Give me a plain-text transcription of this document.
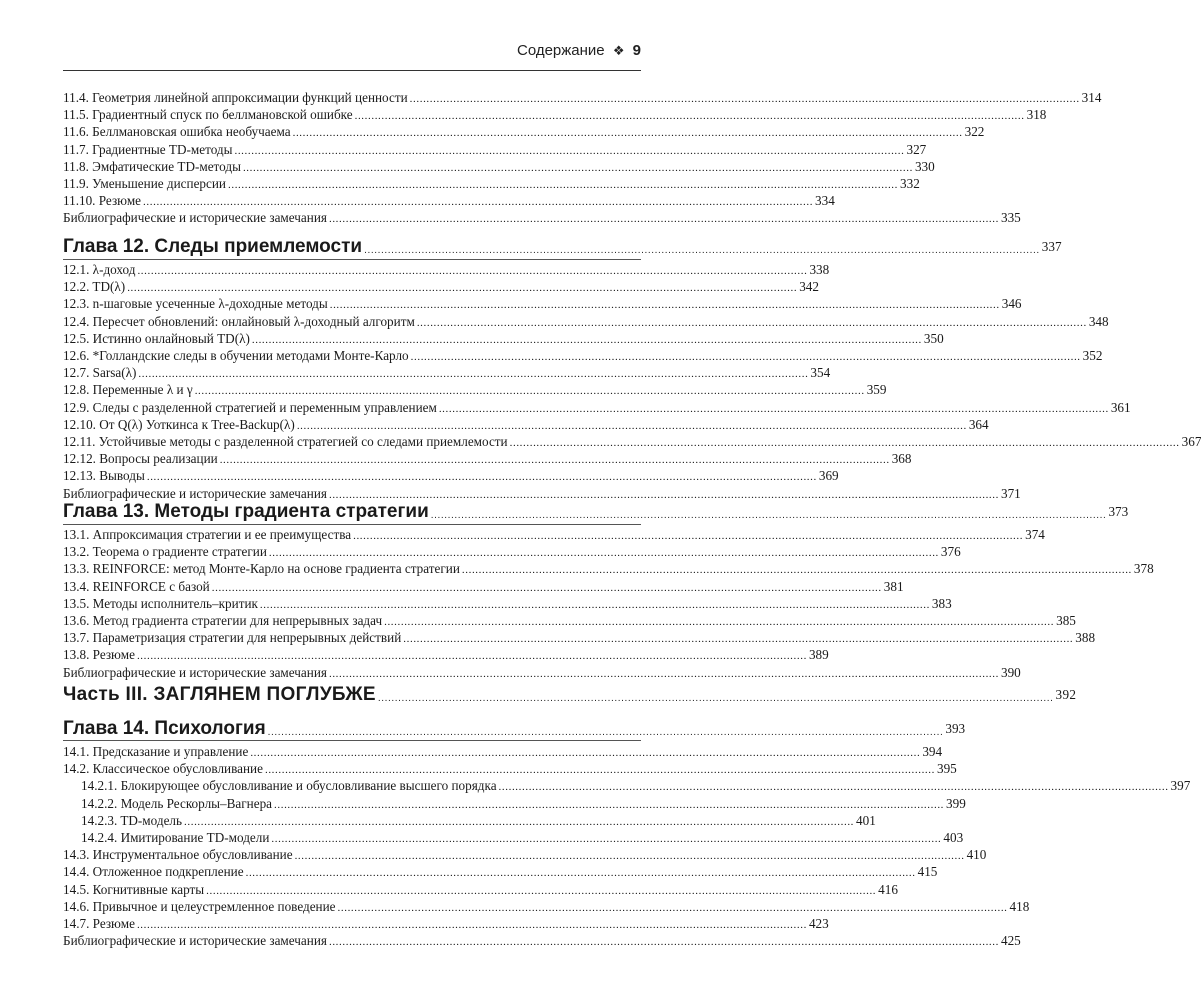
Содержание ❖ 9
11.4. Геометрия линейной аппроксимации функций ценности ........................................................................................................................................................................................................ 314
11.5. Градиентный спуск по беллмановской ошибке ........................................................................................................................................................................................................ 318
11.6. Беллмановская ошибка необучаема ........................................................................................................................................................................................................ 322
11.7. Градиентные TD-методы ........................................................................................................................................................................................................ 327
11.8. Эмфатические TD-методы ........................................................................................................................................................................................................ 330
11.9. Уменьшение дисперсии ........................................................................................................................................................................................................ 332
11.10. Резюме ........................................................................................................................................................................................................ 334
Библиографические и исторические замечания ........................................................................................................................................................................................................ 335
Глава 12. Следы приемлемости ........................................................................................................................................................................................................ 337
12.1. λ-доход ........................................................................................................................................................................................................ 338
12.2. TD(λ) ........................................................................................................................................................................................................ 342
12.3. n-шаговые усеченные λ-доходные методы ........................................................................................................................................................................................................ 346
12.4. Пересчет обновлений: онлайновый λ-доходный алгоритм ........................................................................................................................................................................................................ 348
12.5. Истинно онлайновый TD(λ) ........................................................................................................................................................................................................ 350
12.6. *Голландские следы в обучении методами Монте-Карло ........................................................................................................................................................................................................ 352
12.7. Sarsa(λ) ........................................................................................................................................................................................................ 354
12.8. Переменные λ и γ ........................................................................................................................................................................................................ 359
12.9. Следы с разделенной стратегией и переменным управлением ........................................................................................................................................................................................................ 361
12.10. От Q(λ) Уоткинса к Tree-Backup(λ) ........................................................................................................................................................................................................ 364
12.11. Устойчивые методы с разделенной стратегией со следами приемлемости ........................................................................................................................................................................................................ 367
12.12. Вопросы реализации ........................................................................................................................................................................................................ 368
12.13. Выводы ........................................................................................................................................................................................................ 369
Библиографические и исторические замечания ........................................................................................................................................................................................................ 371
Глава 13. Методы градиента стратегии ........................................................................................................................................................................................................ 373
13.1. Аппроксимация стратегии и ее преимущества ........................................................................................................................................................................................................ 374
13.2. Теорема о градиенте стратегии ........................................................................................................................................................................................................ 376
13.3. REINFORCE: метод Монте-Карло на основе градиента стратегии ........................................................................................................................................................................................................ 378
13.4. REINFORCE с базой ........................................................................................................................................................................................................ 381
13.5. Методы исполнитель–критик ........................................................................................................................................................................................................ 383
13.6. Метод градиента стратегии для непрерывных задач ........................................................................................................................................................................................................ 385
13.7. Параметризация стратегии для непрерывных действий ........................................................................................................................................................................................................ 388
13.8. Резюме ........................................................................................................................................................................................................ 389
Библиографические и исторические замечания ........................................................................................................................................................................................................ 390
Часть III. ЗАГЛЯНЕМ ПОГЛУБЖЕ ........................................................................................................................................................................................................ 392
Глава 14. Психология ........................................................................................................................................................................................................ 393
14.1. Предсказание и управление ........................................................................................................................................................................................................ 394
14.2. Классическое обусловливание ........................................................................................................................................................................................................ 395
14.2.1. Блокирующее обусловливание и обусловливание высшего порядка ........................................................................................................................................................................................................ 397
14.2.2. Модель Рескорлы–Вагнера ........................................................................................................................................................................................................ 399
14.2.3. TD-модель ........................................................................................................................................................................................................ 401
14.2.4. Имитирование TD-модели ........................................................................................................................................................................................................ 403
14.3. Инструментальное обусловливание ........................................................................................................................................................................................................ 410
14.4. Отложенное подкрепление ........................................................................................................................................................................................................ 415
14.5. Когнитивные карты ........................................................................................................................................................................................................ 416
14.6. Привычное и целеустремленное поведение ........................................................................................................................................................................................................ 418
14.7. Резюме ........................................................................................................................................................................................................ 423
Библиографические и исторические замечания ........................................................................................................................................................................................................ 425
